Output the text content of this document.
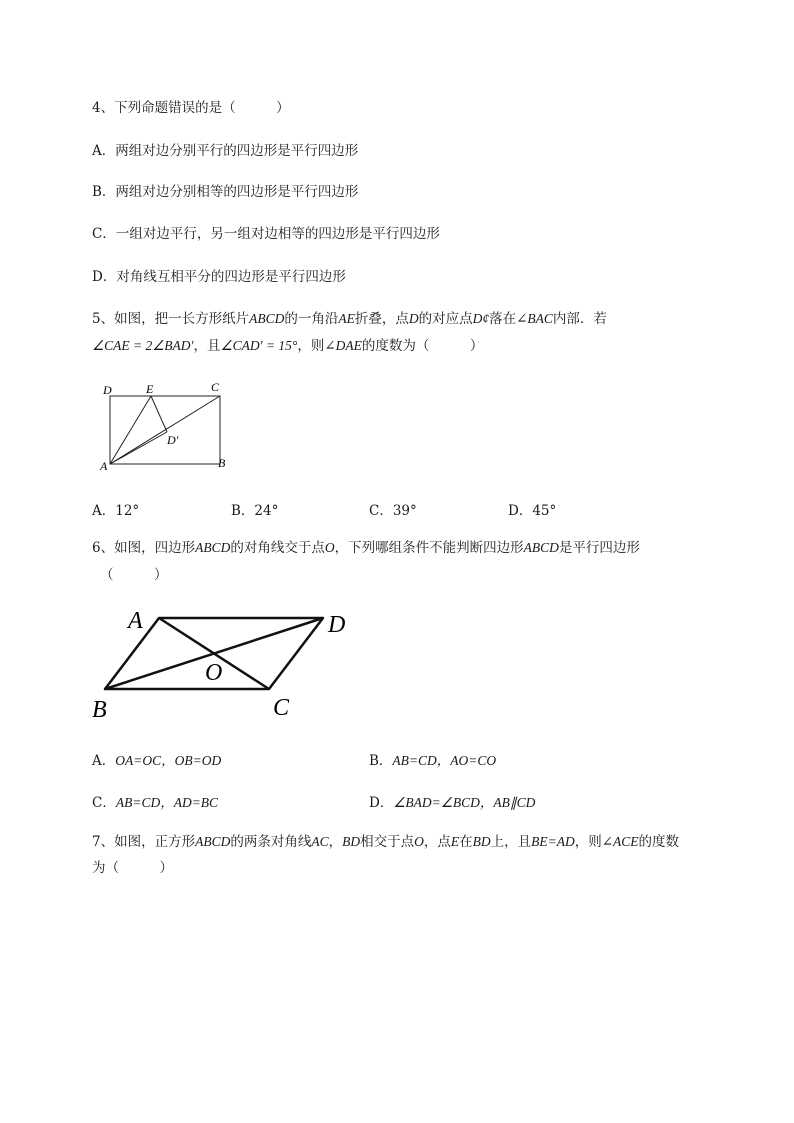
4、下列命题错误的是（　　　）
A．两组对边分别平行的四边形是平行四边形
B．两组对边分别相等的四边形是平行四边形
C．一组对边平行，另一组对边相等的四边形是平行四边形
D．对角线互相平分的四边形是平行四边形
5、如图，把一长方形纸片ABCD的一角沿AE折叠，点D的对应点D¢落在∠BAC内部．若
∠CAE = 2∠BAD′，且∠CAD′ = 15°，则∠DAE的度数为（　　　）
D	E	C
D′
A	B
A．12°	B．24°	C．39°	D．45°
6、如图，四边形ABCD的对角线交于点O，下列哪组条件不能判断四边形ABCD是平行四边形
（　　　）
A	D
O
B	C
A．OA=OC，OB=OD	B．AB=CD，AO=CO
C．AB=CD，AD=BC	D．∠BAD=∠BCD，AB∥CD
7、如图，正方形ABCD的两条对角线AC，BD相交于点O，点E在BD上，且BE=AD，则∠ACE的度数
为（　　　）
